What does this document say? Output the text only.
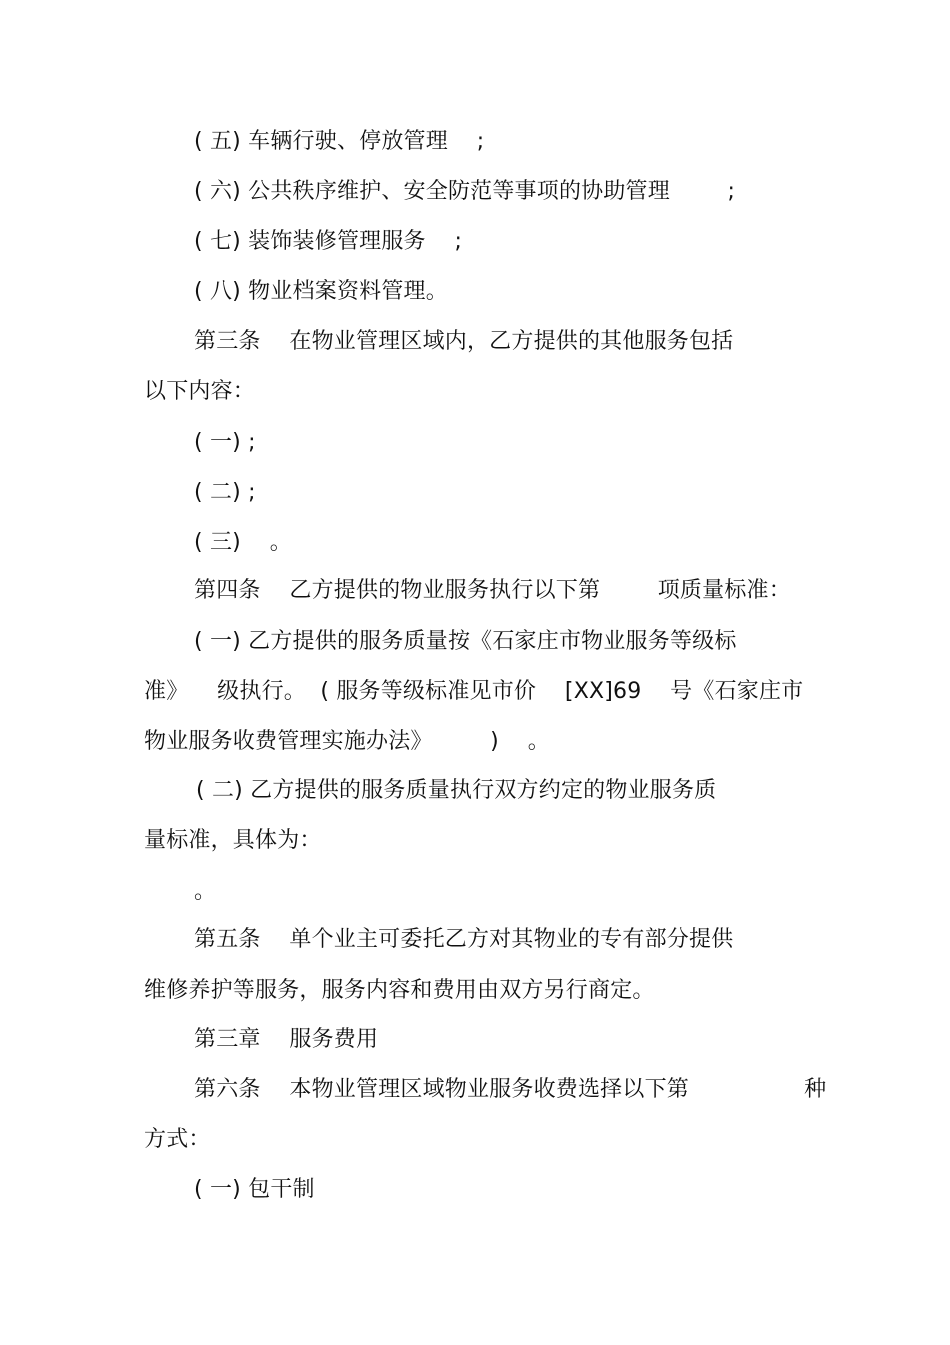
( 五) 车辆行驶、停放管理    ;
( 六) 公共秩序维护、安全防范等事项的协助管理        ;
( 七) 装饰装修管理服务    ;
( 八) 物业档案资料管理。
第三条    在物业管理区域内，乙方提供的其他服务包括
以下内容：
( 一) ;
( 二) ;
( 三)    。
第四条    乙方提供的物业服务执行以下第        项质量标准：
( 一) 乙方提供的服务质量按《石家庄市物业服务等级标
准》    级执行。  ( 服务等级标准见市价    [XX]69    号《石家庄市
物业服务收费管理实施办法》        )    。
( 二) 乙方提供的服务质量执行双方约定的物业服务质
量标准，具体为：
。
第五条    单个业主可委托乙方对其物业的专有部分提供
维修养护等服务，服务内容和费用由双方另行商定。
第三章    服务费用
第六条    本物业管理区域物业服务收费选择以下第                种
方式：
( 一) 包干制
